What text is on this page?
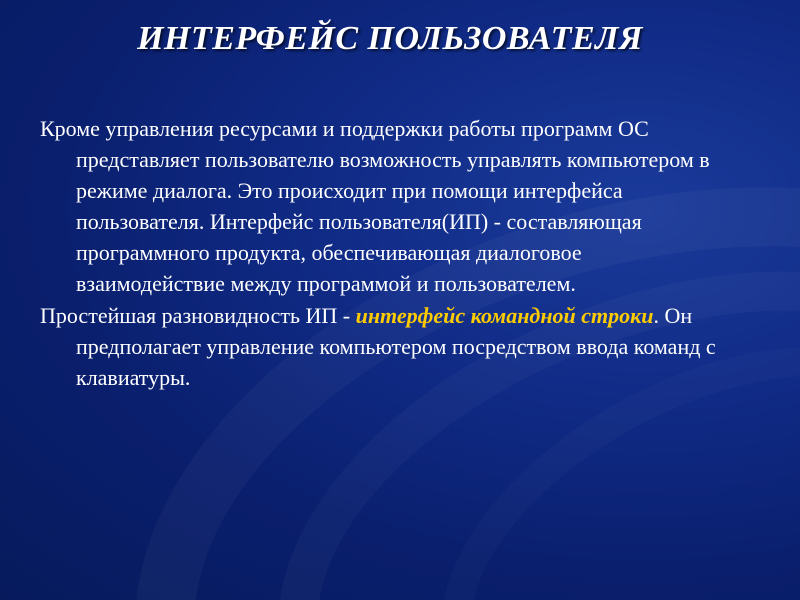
ИНТЕРФЕЙС ПОЛЬЗОВАТЕЛЯ

Кроме управления ресурсами и поддержки работы программ ОС представляет пользователю возможность управлять компьютером в режиме диалога. Это происходит при помощи интерфейса пользователя. Интерфейс пользователя(ИП) - составляющая программного продукта, обеспечивающая диалоговое взаимодействие между программой и пользователем.

Простейшая разновидность ИП - интерфейс командной строки. Он предполагает управление компьютером посредством ввода команд с клавиатуры.
